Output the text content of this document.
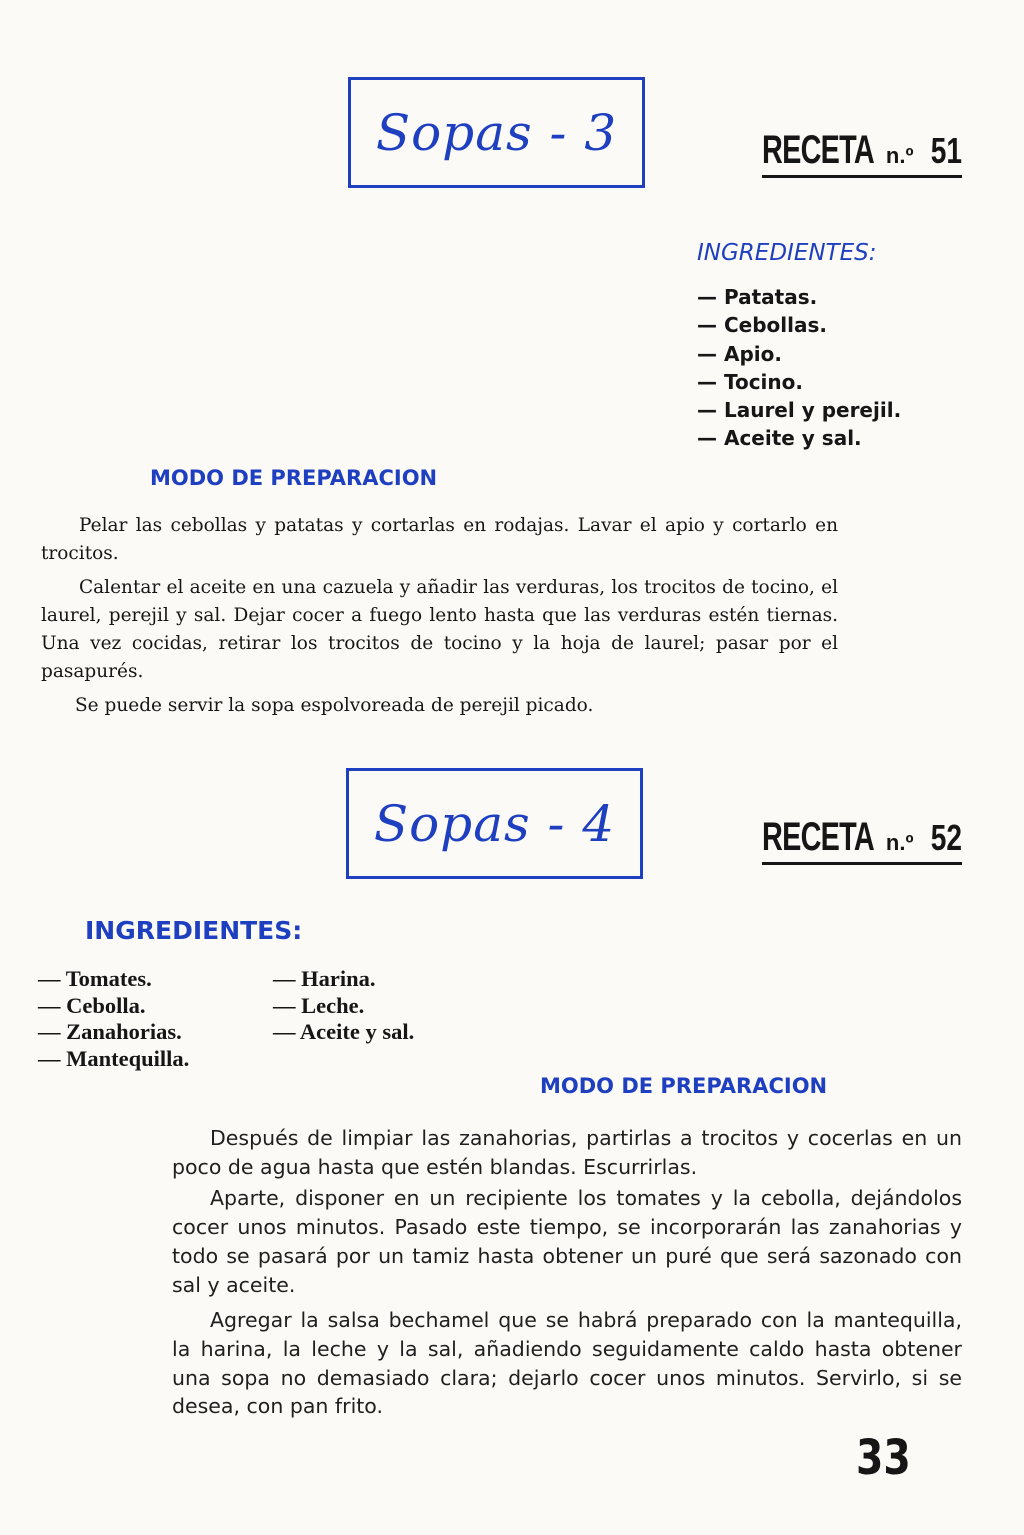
Sopas - 3	RECETA n.º 51
INGREDIENTES:
— Patatas.
— Cebollas.
— Apio.
— Tocino.
— Laurel y perejil.
— Aceite y sal.
MODO DE PREPARACION

Pelar las cebollas y patatas y cortarlas en rodajas. Lavar el apio y cortarlo en trocitos.

Calentar el aceite en una cazuela y añadir las verduras, los trocitos de tocino, el laurel, perejil y sal. Dejar cocer a fuego lento hasta que las verduras estén tiernas. Una vez cocidas, retirar los trocitos de tocino y la hoja de laurel; pasar por el pasapurés.

Se puede servir la sopa espolvoreada de perejil picado.

Sopas - 4	RECETA n.º 52
INGREDIENTES:
— Tomates.
— Cebolla.
— Zanahorias.
— Mantequilla.
— Harina.
— Leche.
— Aceite y sal.
MODO DE PREPARACION

Después de limpiar las zanahorias, partirlas a trocitos y cocerlas en un poco de agua hasta que estén blandas. Escurrirlas.

Aparte, disponer en un recipiente los tomates y la cebolla, dejándolos cocer unos minutos. Pasado este tiempo, se incorporarán las zanahorias y todo se pasará por un tamiz hasta obtener un puré que será sazonado con sal y aceite.

Agregar la salsa bechamel que se habrá preparado con la mantequilla, la harina, la leche y la sal, añadiendo seguidamente caldo hasta obtener una sopa no demasiado clara; dejarlo cocer unos minutos. Servirlo, si se desea, con pan frito.

33
